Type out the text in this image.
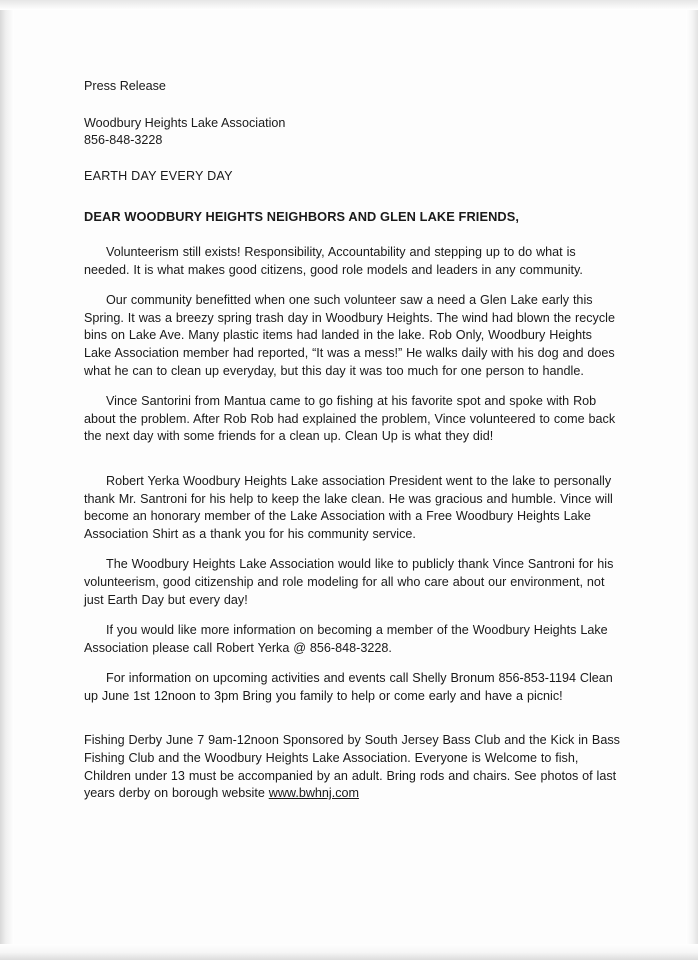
Press Release
Woodbury Heights Lake Association
856-848-3228
EARTH DAY EVERY DAY
DEAR WOODBURY HEIGHTS NEIGHBORS AND GLEN LAKE FRIENDS,

Volunteerism still exists! Responsibility, Accountability and stepping up to do what is needed. It is what makes good citizens, good role models and leaders in any community.

Our community benefitted when one such volunteer saw a need a Glen Lake early this Spring. It was a breezy spring trash day in Woodbury Heights. The wind had blown the recycle bins on Lake Ave. Many plastic items had landed in the lake. Rob Only, Woodbury Heights Lake Association member had reported, “It was a mess!” He walks daily with his dog and does what he can to clean up everyday, but this day it was too much for one person to handle.

Vince Santorini from Mantua came to go fishing at his favorite spot and spoke with Rob about the problem. After Rob Rob had explained the problem, Vince volunteered to come back the next day with some friends for a clean up. Clean Up is what they did!

Robert Yerka Woodbury Heights Lake association President went to the lake to personally thank Mr. Santroni for his help to keep the lake clean. He was gracious and humble. Vince will become an honorary member of the Lake Association with a Free Woodbury Heights Lake Association Shirt as a thank you for his community service.

The Woodbury Heights Lake Association would like to publicly thank Vince Santroni for his volunteerism, good citizenship and role modeling for all who care about our environment, not just Earth Day but every day!

If you would like more information on becoming a member of the Woodbury Heights Lake Association please call Robert Yerka @ 856-848-3228.

For information on upcoming activities and events call Shelly Bronum 856-853-1194 Clean up June 1st 12noon to 3pm Bring you family to help or come early and have a picnic!

Fishing Derby June 7 9am-12noon Sponsored by South Jersey Bass Club and the Kick in Bass Fishing Club and the Woodbury Heights Lake Association. Everyone is Welcome to fish, Children under 13 must be accompanied by an adult. Bring rods and chairs. See photos of last years derby on borough website www.bwhnj.com
